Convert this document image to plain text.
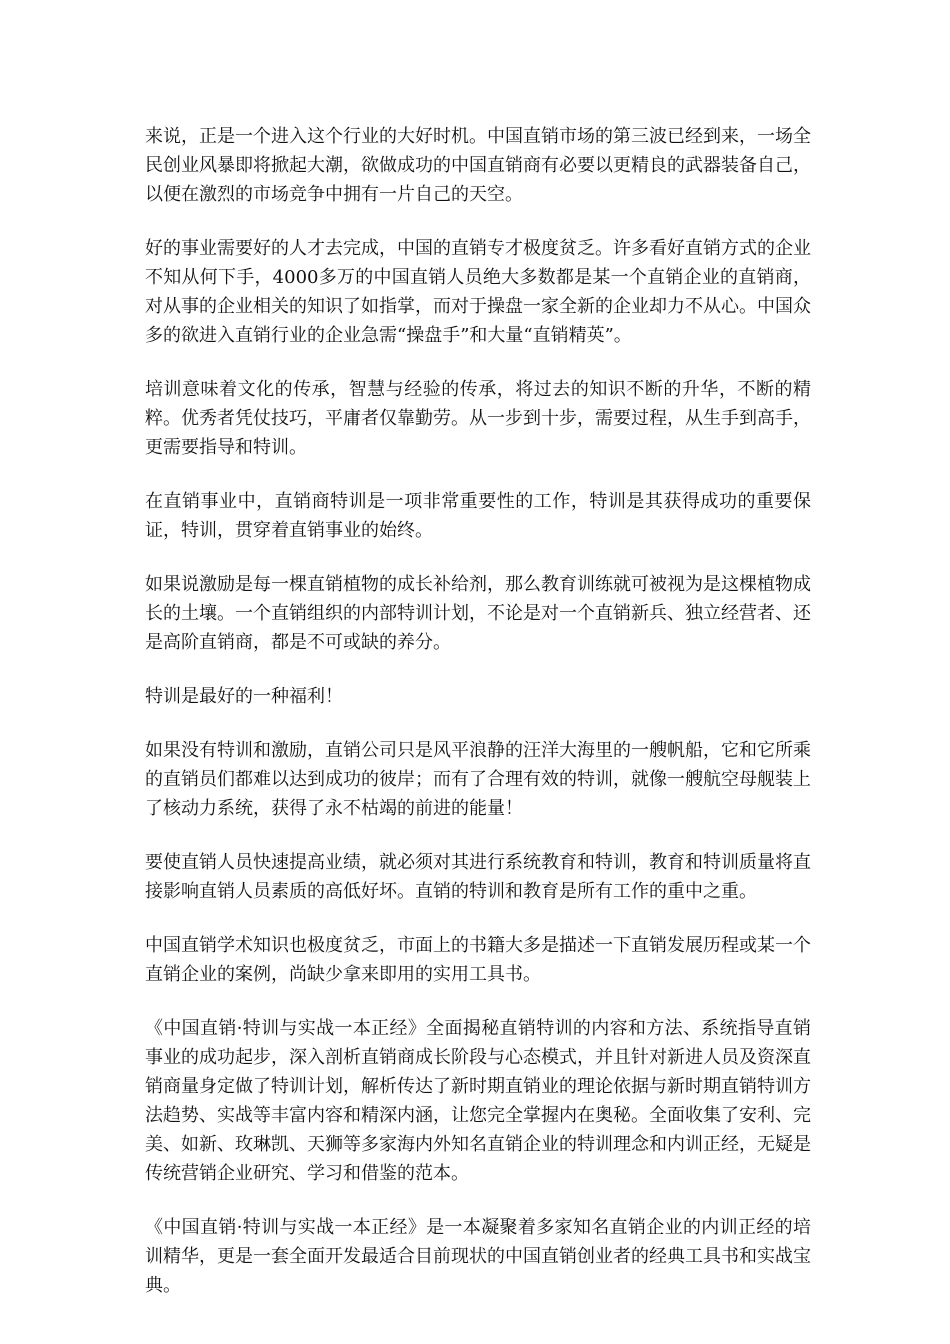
来说，正是一个进入这个行业的大好时机。中国直销市场的第三波已经到来，一场全民创业风暴即将掀起大潮，欲做成功的中国直销商有必要以更精良的武器装备自己，以便在激烈的市场竞争中拥有一片自己的天空。

好的事业需要好的人才去完成，中国的直销专才极度贫乏。许多看好直销方式的企业不知从何下手，4000多万的中国直销人员绝大多数都是某一个直销企业的直销商，对从事的企业相关的知识了如指掌，而对于操盘一家全新的企业却力不从心。中国众多的欲进入直销行业的企业急需“操盘手”和大量“直销精英”。

培训意味着文化的传承，智慧与经验的传承，将过去的知识不断的升华，不断的精粹。优秀者凭仗技巧，平庸者仅靠勤劳。从一步到十步，需要过程，从生手到高手，更需要指导和特训。

在直销事业中，直销商特训是一项非常重要性的工作，特训是其获得成功的重要保证，特训，贯穿着直销事业的始终。

如果说激励是每一棵直销植物的成长补给剂，那么教育训练就可被视为是这棵植物成长的土壤。一个直销组织的内部特训计划，不论是对一个直销新兵、独立经营者、还是高阶直销商，都是不可或缺的养分。

特训是最好的一种福利！

如果没有特训和激励，直销公司只是风平浪静的汪洋大海里的一艘帆船，它和它所乘的直销员们都难以达到成功的彼岸；而有了合理有效的特训，就像一艘航空母舰装上了核动力系统，获得了永不枯竭的前进的能量！

要使直销人员快速提高业绩，就必须对其进行系统教育和特训，教育和特训质量将直接影响直销人员素质的高低好坏。直销的特训和教育是所有工作的重中之重。

中国直销学术知识也极度贫乏，市面上的书籍大多是描述一下直销发展历程或某一个直销企业的案例，尚缺少拿来即用的实用工具书。

《中国直销·特训与实战一本正经》全面揭秘直销特训的内容和方法、系统指导直销事业的成功起步，深入剖析直销商成长阶段与心态模式，并且针对新进人员及资深直销商量身定做了特训计划，解析传达了新时期直销业的理论依据与新时期直销特训方法趋势、实战等丰富内容和精深内涵，让您完全掌握内在奥秘。全面收集了安利、完美、如新、玫琳凯、天狮等多家海内外知名直销企业的特训理念和内训正经，无疑是传统营销企业研究、学习和借鉴的范本。

《中国直销·特训与实战一本正经》是一本凝聚着多家知名直销企业的内训正经的培训精华，更是一套全面开发最适合目前现状的中国直销创业者的经典工具书和实战宝典。
